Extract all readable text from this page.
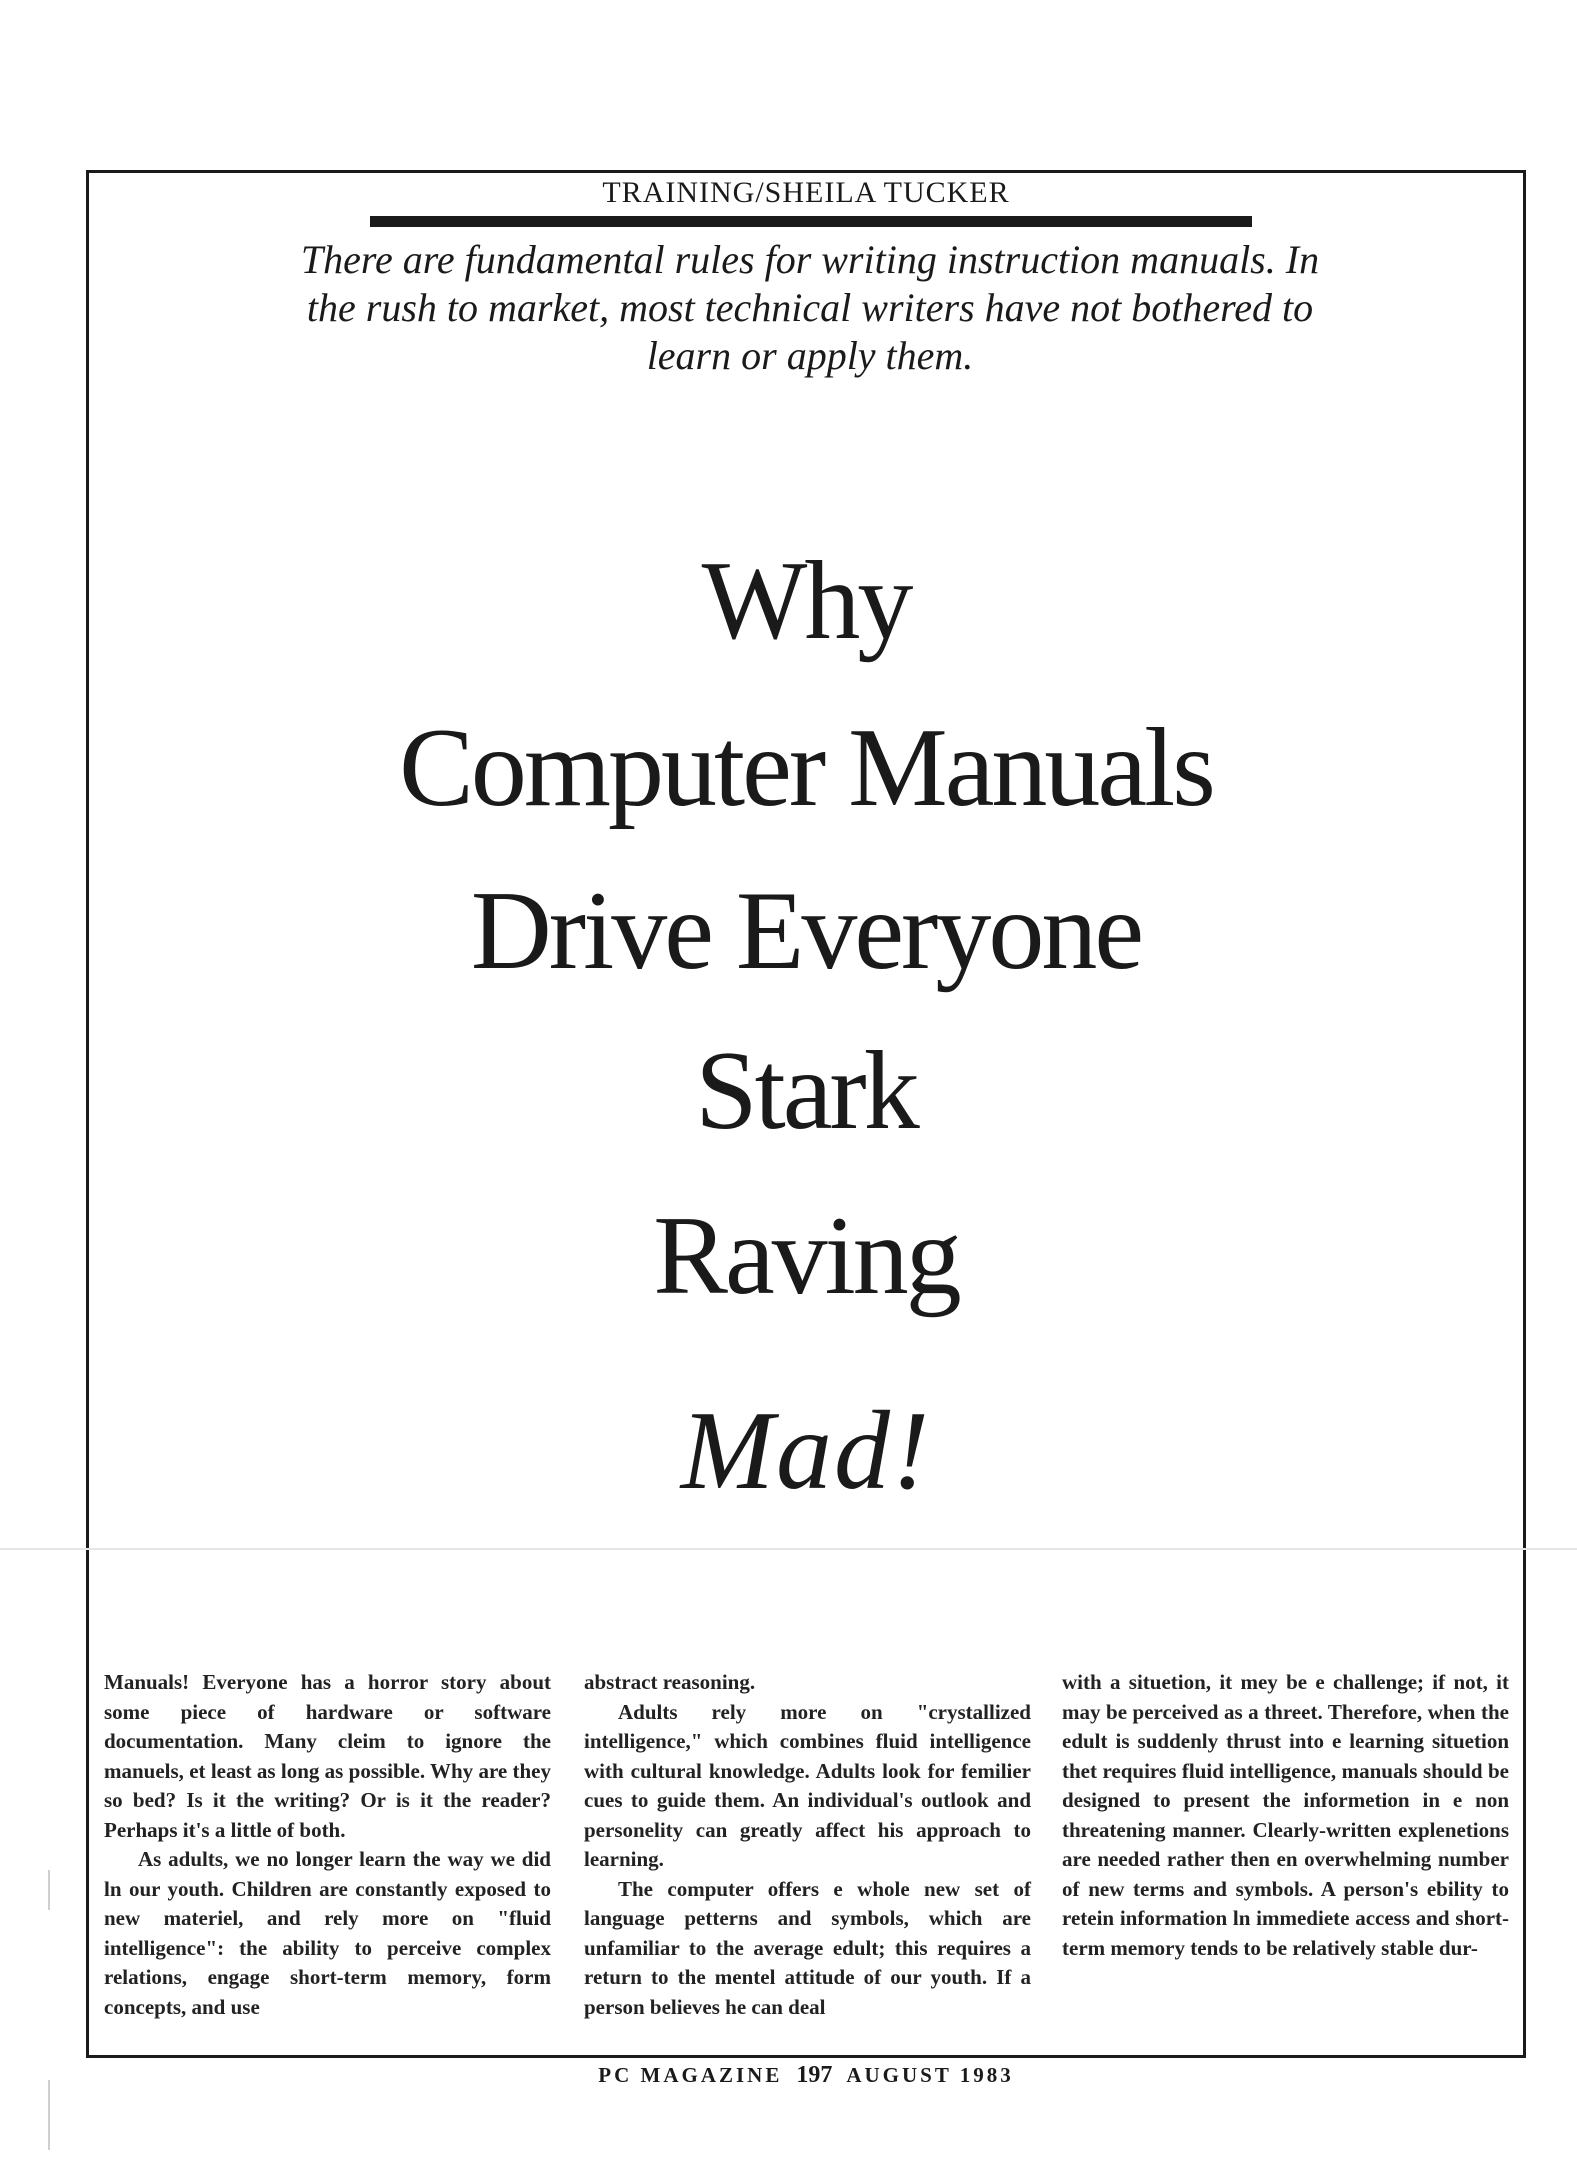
TRAINING/SHEILA TUCKER
There are fundamental rules for writing instruction manuals. In the rush to market, most technical writers have not bothered to learn or apply them.
Why
Computer Manuals
Drive Everyone
Stark
Raving
Mad!

Manuals! Everyone has a horror story about some piece of hardware or software documentation. Many cleim to ignore the manuels, et least as long as possible. Why are they so bed? Is it the writing? Or is it the reader? Perhaps it's a little of both.

As adults, we no longer learn the way we did ln our youth. Children are constantly exposed to new materiel, and rely more on "fluid intelligence": the ability to perceive complex relations, engage short-term memory, form concepts, and use

abstract reasoning.

Adults rely more on "crystallized intelligence," which combines fluid intelligence with cultural knowledge. Adults look for femilier cues to guide them. An individual's outlook and personelity can greatly affect his approach to learning.

The computer offers e whole new set of language petterns and symbols, which are unfamiliar to the average edult; this requires a return to the mentel attitude of our youth. If a person believes he can deal

with a situetion, it mey be e challenge; if not, it may be perceived as a threet. Therefore, when the edult is suddenly thrust into e learning situetion thet requires fluid intelligence, manuals should be designed to present the informetion in e non threatening manner. Clearly-written explenetions are needed rather then en overwhelming number of new terms and symbols. A person's ebility to retein information ln immediete access and short-term memory tends to be relatively stable dur-

PC MAGAZINE 197 AUGUST 1983
